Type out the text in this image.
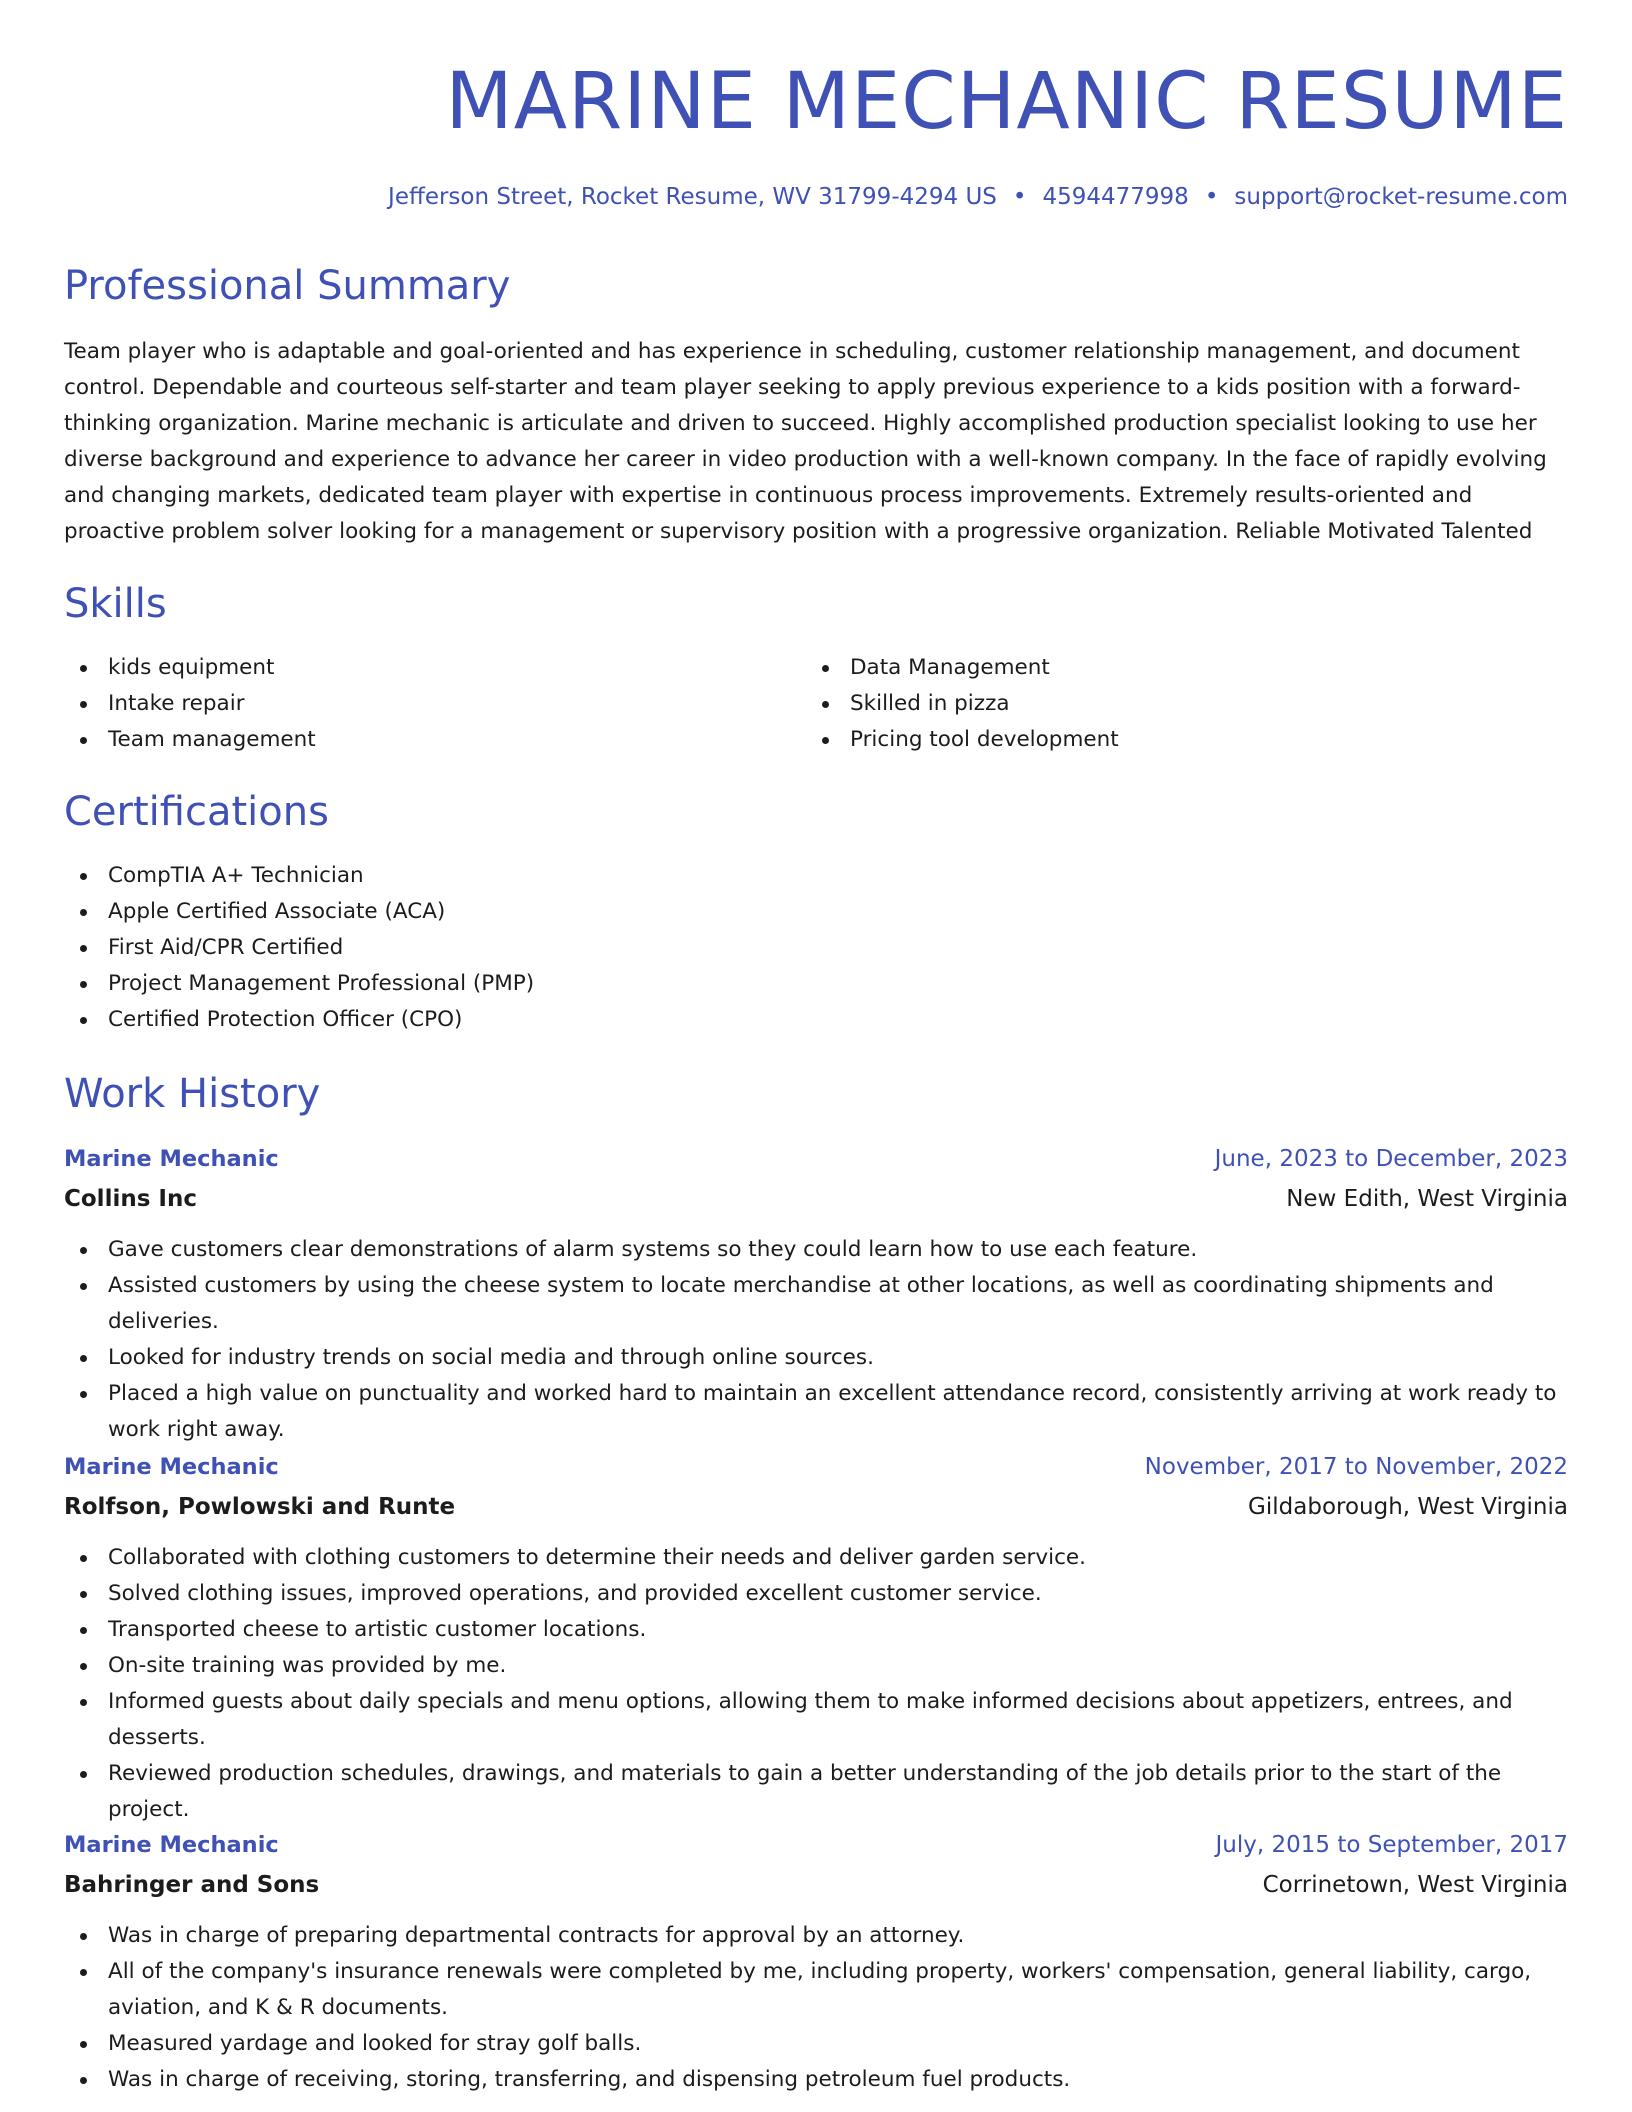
MARINE MECHANIC RESUME
Jefferson Street, Rocket Resume, WV 31799-4294 US • 4594477998 • support@rocket-resume.com
Professional Summary

Team player who is adaptable and goal-oriented and has experience in scheduling, customer relationship management, and document control. Dependable and courteous self-starter and team player seeking to apply previous experience to a kids position with a forward-thinking organization. Marine mechanic is articulate and driven to succeed. Highly accomplished production specialist looking to use her diverse background and experience to advance her career in video production with a well-known company. In the face of rapidly evolving and changing markets, dedicated team player with expertise in continuous process improvements. Extremely results-oriented and proactive problem solver looking for a management or supervisory position with a progressive organization. Reliable Motivated Talented

Skills
kids equipment
Intake repair
Team management
Data Management
Skilled in pizza
Pricing tool development
Certifications
CompTIA A+ Technician
Apple Certified Associate (ACA)
First Aid/CPR Certified
Project Management Professional (PMP)
Certified Protection Officer (CPO)
Work History
Marine Mechanic	June, 2023 to December, 2023
Collins Inc	New Edith, West Virginia
Gave customers clear demonstrations of alarm systems so they could learn how to use each feature.
Assisted customers by using the cheese system to locate merchandise at other locations, as well as coordinating shipments and deliveries.
Looked for industry trends on social media and through online sources.
Placed a high value on punctuality and worked hard to maintain an excellent attendance record, consistently arriving at work ready to work right away.
Marine Mechanic	November, 2017 to November, 2022
Rolfson, Powlowski and Runte	Gildaborough, West Virginia
Collaborated with clothing customers to determine their needs and deliver garden service.
Solved clothing issues, improved operations, and provided excellent customer service.
Transported cheese to artistic customer locations.
On-site training was provided by me.
Informed guests about daily specials and menu options, allowing them to make informed decisions about appetizers, entrees, and desserts.
Reviewed production schedules, drawings, and materials to gain a better understanding of the job details prior to the start of the project.
Marine Mechanic	July, 2015 to September, 2017
Bahringer and Sons	Corrinetown, West Virginia
Was in charge of preparing departmental contracts for approval by an attorney.
All of the company's insurance renewals were completed by me, including property, workers' compensation, general liability, cargo, aviation, and K & R documents.
Measured yardage and looked for stray golf balls.
Was in charge of receiving, storing, transferring, and dispensing petroleum fuel products.
